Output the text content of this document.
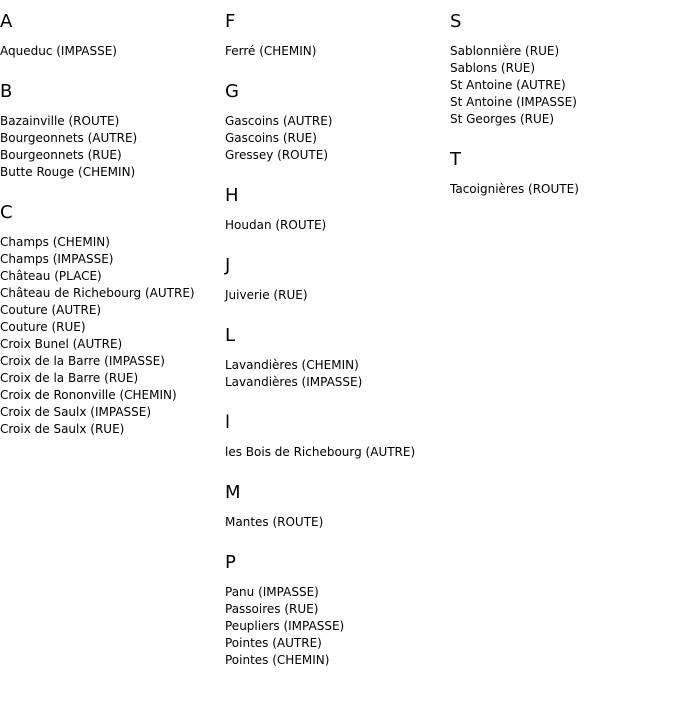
A
Aqueduc (IMPASSE)
B
Bazainville (ROUTE)
Bourgeonnets (AUTRE)
Bourgeonnets (RUE)
Butte Rouge (CHEMIN)
C
Champs (CHEMIN)
Champs (IMPASSE)
Château (PLACE)
Château de Richebourg (AUTRE)
Couture (AUTRE)
Couture (RUE)
Croix Bunel (AUTRE)
Croix de la Barre (IMPASSE)
Croix de la Barre (RUE)
Croix de Rononville (CHEMIN)
Croix de Saulx (IMPASSE)
Croix de Saulx (RUE)
F
Ferré (CHEMIN)
G
Gascoins (AUTRE)
Gascoins (RUE)
Gressey (ROUTE)
H
Houdan (ROUTE)
J
Juiverie (RUE)
L
Lavandières (CHEMIN)
Lavandières (IMPASSE)
l
les Bois de Richebourg (AUTRE)
M
Mantes (ROUTE)
P
Panu (IMPASSE)
Passoires (RUE)
Peupliers (IMPASSE)
Pointes (AUTRE)
Pointes (CHEMIN)
S
Sablonnière (RUE)
Sablons (RUE)
St Antoine (AUTRE)
St Antoine (IMPASSE)
St Georges (RUE)
T
Tacoignières (ROUTE)
